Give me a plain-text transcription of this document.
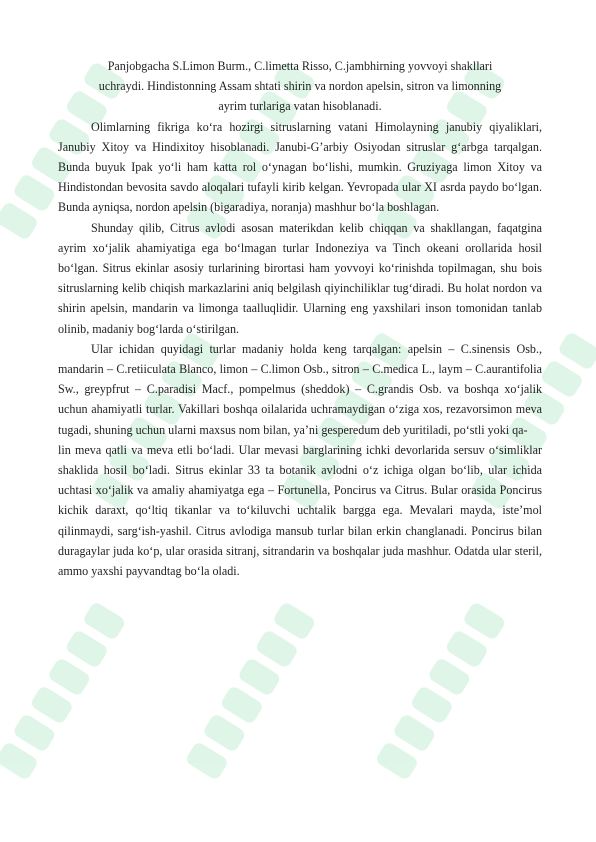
Panjobgacha S.Limon Burm., C.limetta Risso, C.jambhirning yovvoyi shakllari

uchraydi. Hindistonning Assam shtati shirin va nordon apelsin, sitron va limonning

ayrim turlariga vatan hisoblanadi.

Olimlarning fikriga ko‘ra hozirgi sitruslarning vatani Himolayning janubiy qiyaliklari, Janubiy Xitoy va Hindixitoy hisoblanadi. Janubi-G’arbiy Osiyodan sitruslar g‘arbga tarqalgan. Bunda buyuk Ipak yo‘li ham katta rol o‘ynagan bo‘lishi, mumkin. Gruziyaga limon Xitoy va Hindistondan bevosita savdo aloqalari tufayli kirib kelgan. Yevropada ular XI asrda paydo bo‘lgan. Bunda ayniqsa, nordon apelsin (bigaradiya, noranja) mashhur bo‘la boshlagan.

Shunday qilib, Citrus avlodi asosan materikdan kelib chiqqan va shakllangan, faqatgina ayrim xo‘jalik ahamiyatiga ega bo‘lmagan turlar Indoneziya va Tinch okeani orollarida hosil bo‘lgan. Sitrus ekinlar asosiy turlarining birortasi ham yovvoyi ko‘rinishda topilmagan, shu bois sitruslarning kelib chiqish markazlarini aniq belgilash qiyinchiliklar tug‘diradi. Bu holat nordon va shirin apelsin, mandarin va limonga taalluqlidir. Ularning eng yaxshilari inson tomonidan tanlab olinib, madaniy bog‘larda o‘stirilgan.

Ular ichidan quyidagi turlar madaniy holda keng tarqalgan: apelsin – C.sinensis Osb., mandarin – C.retiiculata Blanco, limon – C.limon Osb., sitron – C.medica L., laym – C.aurantifolia Sw., greypfrut – C.paradisi Macf., pompelmus (sheddok) – C.grandis Osb. va boshqa xo‘jalik uchun ahamiyatli turlar. Vakillari boshqa oilalarida uchramaydigan o‘ziga xos, rezavorsimon meva tugadi, shuning uchun ularni maxsus nom bilan, ya’ni gesperedum deb yuritiladi, po‘stli yoki qa-

lin meva qatli va meva etli bo‘ladi. Ular mevasi barglarining ichki devorlarida sersuv o‘simliklar shaklida hosil bo‘ladi. Sitrus ekinlar 33 ta botanik avlodni o‘z ichiga olgan bo‘lib, ular ichida uchtasi xo‘jalik va amaliy ahamiyatga ega – Fortunella, Poncirus va Citrus. Bular orasida Poncirus kichik daraxt, qo‘ltiq tikanlar va to‘kiluvchi uchtalik bargga ega. Mevalari mayda, iste’mol qilinmaydi, sarg‘ish-yashil. Citrus avlodiga mansub turlar bilan erkin changlanadi. Poncirus bilan duragaylar juda ko‘p, ular orasida sitranj, sitrandarin va boshqalar juda mashhur. Odatda ular steril, ammo yaxshi payvandtag bo‘la oladi.
